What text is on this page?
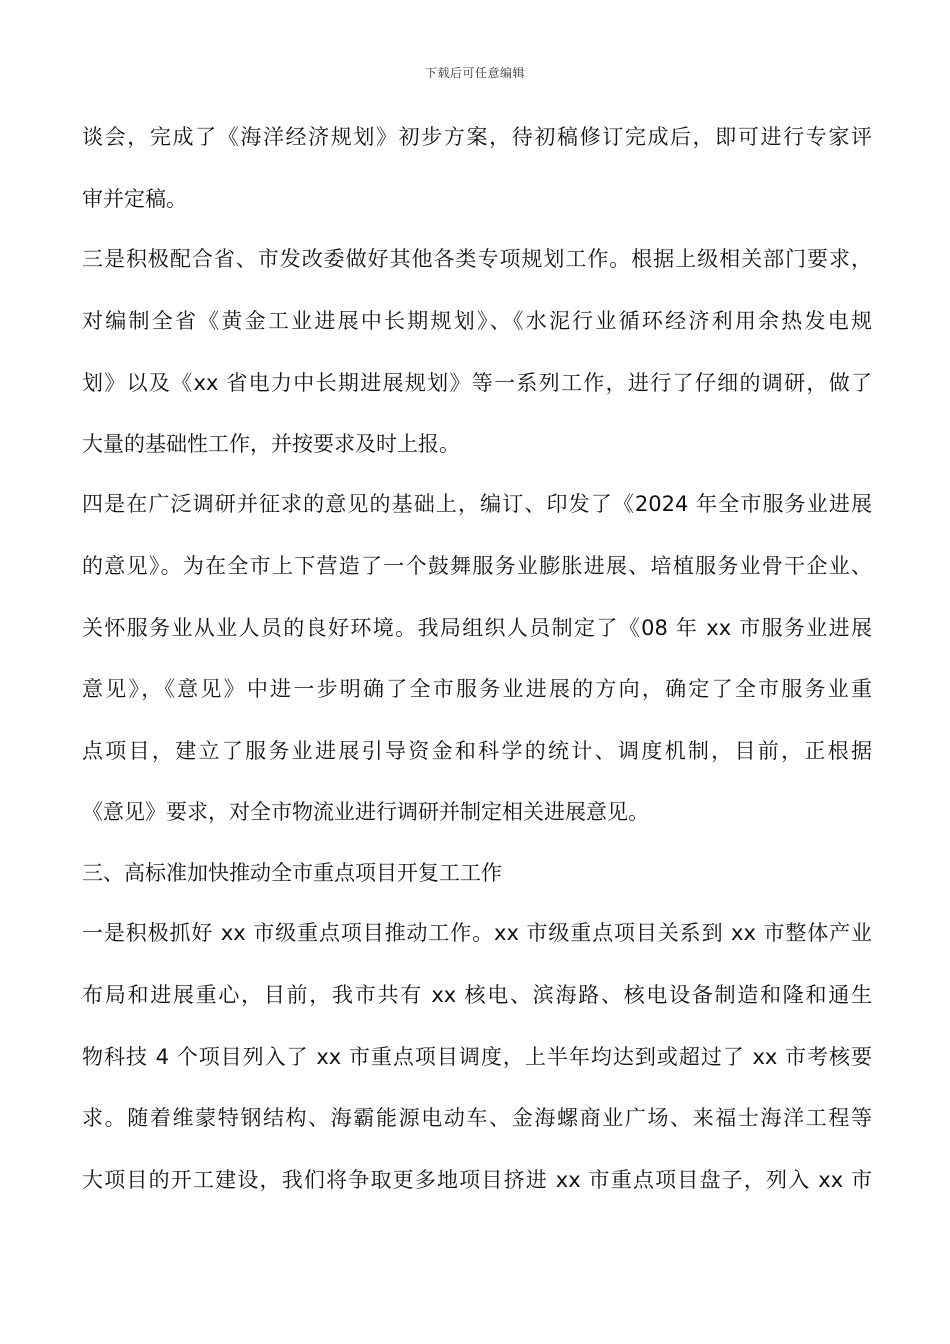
下载后可任意编辑
谈会，完成了《海洋经济规划》初步方案，待初稿修订完成后，即可进行专家评
审并定稿。
三是积极配合省、市发改委做好其他各类专项规划工作。根据上级相关部门要求，
对编制全省《黄金工业进展中长期规划》、《水泥行业循环经济利用余热发电规
划》以及《xx 省电力中长期进展规划》等一系列工作，进行了仔细的调研，做了
大量的基础性工作，并按要求及时上报。
四是在广泛调研并征求的意见的基础上，编订、印发了《2024 年全市服务业进展
的意见》。为在全市上下营造了一个鼓舞服务业膨胀进展、培植服务业骨干企业、
关怀服务业从业人员的良好环境。我局组织人员制定了《08 年 xx 市服务业进展
意见》，《意见》中进一步明确了全市服务业进展的方向，确定了全市服务业重
点项目，建立了服务业进展引导资金和科学的统计、调度机制，目前，正根据
《意见》要求，对全市物流业进行调研并制定相关进展意见。
三、高标准加快推动全市重点项目开复工工作
一是积极抓好 xx 市级重点项目推动工作。xx 市级重点项目关系到 xx 市整体产业
布局和进展重心，目前，我市共有 xx 核电、滨海路、核电设备制造和隆和通生
物科技 4 个项目列入了 xx 市重点项目调度，上半年均达到或超过了 xx 市考核要
求。随着维蒙特钢结构、海霸能源电动车、金海螺商业广场、来福士海洋工程等
大项目的开工建设，我们将争取更多地项目挤进 xx 市重点项目盘子，列入 xx 市
